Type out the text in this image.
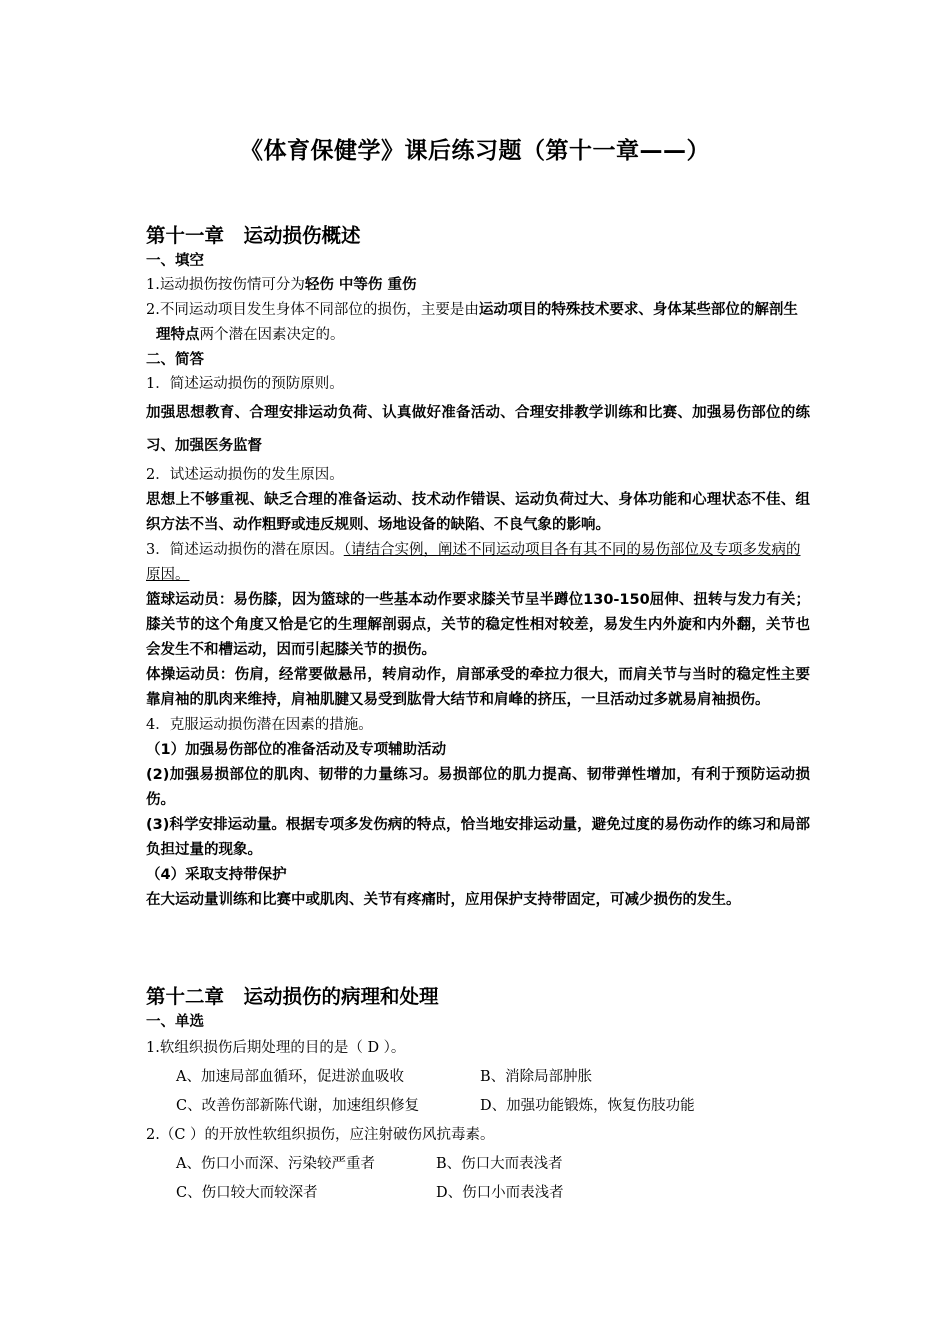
《体育保健学》课后练习题（第十一章——）

第十一章　运动损伤概述

一、填空

1.运动损伤按伤情可分为轻伤 中等伤 重伤

2.不同运动项目发生身体不同部位的损伤，主要是由运动项目的特殊技术要求、身体某些部位的解剖生理特点两个潜在因素决定的。

二、简答

1．简述运动损伤的预防原则。

加强思想教育、合理安排运动负荷、认真做好准备活动、合理安排教学训练和比赛、加强易伤部位的练习、加强医务监督

2．试述运动损伤的发生原因。

思想上不够重视、缺乏合理的准备运动、技术动作错误、运动负荷过大、身体功能和心理状态不佳、组织方法不当、动作粗野或违反规则、场地设备的缺陷、不良气象的影响。

3．简述运动损伤的潜在原因。（请结合实例，阐述不同运动项目各有其不同的易伤部位及专项多发病的原因。

篮球运动员：易伤膝，因为篮球的一些基本动作要求膝关节呈半蹲位130-150屈伸、扭转与发力有关；膝关节的这个角度又恰是它的生理解剖弱点，关节的稳定性相对较差，易发生内外旋和内外翻，关节也会发生不和槽运动，因而引起膝关节的损伤。

体操运动员：伤肩，经常要做悬吊，转肩动作，肩部承受的牵拉力很大，而肩关节与当时的稳定性主要靠肩袖的肌肉来维持，肩袖肌腱又易受到肱骨大结节和肩峰的挤压，一旦活动过多就易肩袖损伤。

4．克服运动损伤潜在因素的措施。

（1）加强易伤部位的准备活动及专项辅助活动

(2)加强易损部位的肌肉、韧带的力量练习。易损部位的肌力提高、韧带弹性增加，有利于预防运动损伤。

(3)科学安排运动量。根据专项多发伤病的特点，恰当地安排运动量，避免过度的易伤动作的练习和局部负担过量的现象。

（4）采取支持带保护

在大运动量训练和比赛中或肌肉、关节有疼痛时，应用保护支持带固定，可减少损伤的发生。

第十二章　运动损伤的病理和处理

一、单选

1.软组织损伤后期处理的目的是（ D ）。

A、加速局部血循环，促进淤血吸收	B、消除局部肿胀
C、改善伤部新陈代谢，加速组织修复	D、加强功能锻炼，恢复伤肢功能

2.（C ）的开放性软组织损伤，应注射破伤风抗毒素。

A、伤口小而深、污染较严重者	B、伤口大而表浅者
C、伤口较大而较深者	D、伤口小而表浅者
